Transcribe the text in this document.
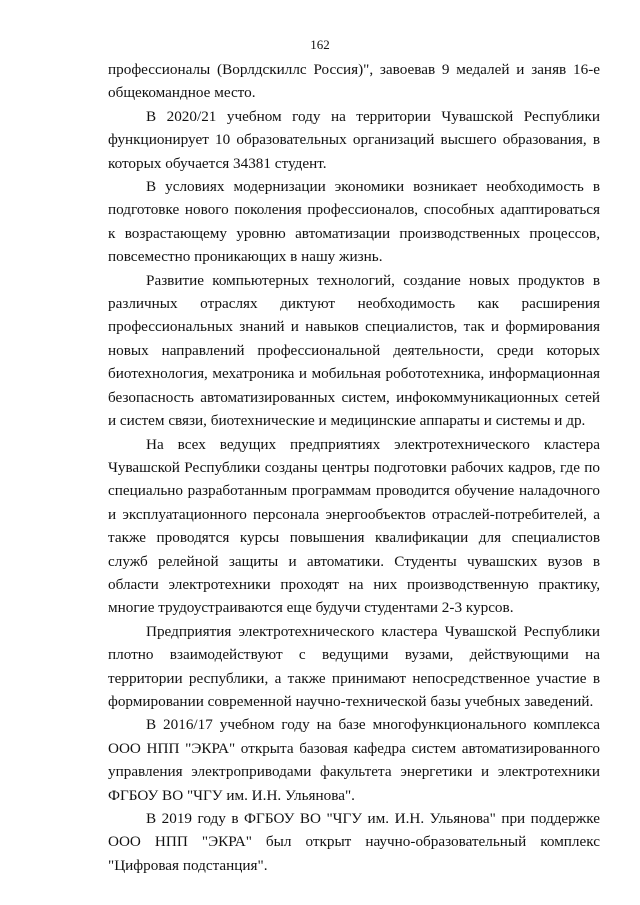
162

профессионалы (Ворлдскиллс Россия)", завоевав 9 медалей и заняв 16-е общекомандное место.

В 2020/21 учебном году на территории Чувашской Республики функционирует 10 образовательных организаций высшего образования, в которых обучается 34381 студент.

В условиях модернизации экономики возникает необходимость в подготовке нового поколения профессионалов, способных адаптироваться к возрастающему уровню автоматизации производственных процессов, повсеместно проникающих в нашу жизнь.

Развитие компьютерных технологий, создание новых продуктов в различных отраслях диктуют необходимость как расширения профессиональных знаний и навыков специалистов, так и формирования новых направлений профессиональной деятельности, среди которых биотехнология, мехатроника и мобильная робототехника, информационная безопасность автоматизированных систем, инфокоммуникационных сетей и систем связи, биотехнические и медицинские аппараты и системы и др.

На всех ведущих предприятиях электротехнического кластера Чувашской Республики созданы центры подготовки рабочих кадров, где по специально разработанным программам проводится обучение наладочного и эксплуатационного персонала энергообъектов отраслей-потребителей, а также проводятся курсы повышения квалификации для специалистов служб релейной защиты и автоматики. Студенты чувашских вузов в области электротехники проходят на них производственную практику, многие трудоустраиваются еще будучи студентами 2-3 курсов.

Предприятия электротехнического кластера Чувашской Республики плотно взаимодействуют с ведущими вузами, действующими на территории республики, а также принимают непосредственное участие в формировании современной научно-технической базы учебных заведений.

В 2016/17 учебном году на базе многофункционального комплекса ООО НПП "ЭКРА" открыта базовая кафедра систем автоматизированного управления электроприводами факультета энергетики и электротехники ФГБОУ ВО "ЧГУ им. И.Н. Ульянова".

В 2019 году в ФГБОУ ВО "ЧГУ им. И.Н. Ульянова" при поддержке ООО НПП "ЭКРА" был открыт научно-образовательный комплекс "Цифровая подстанция".
